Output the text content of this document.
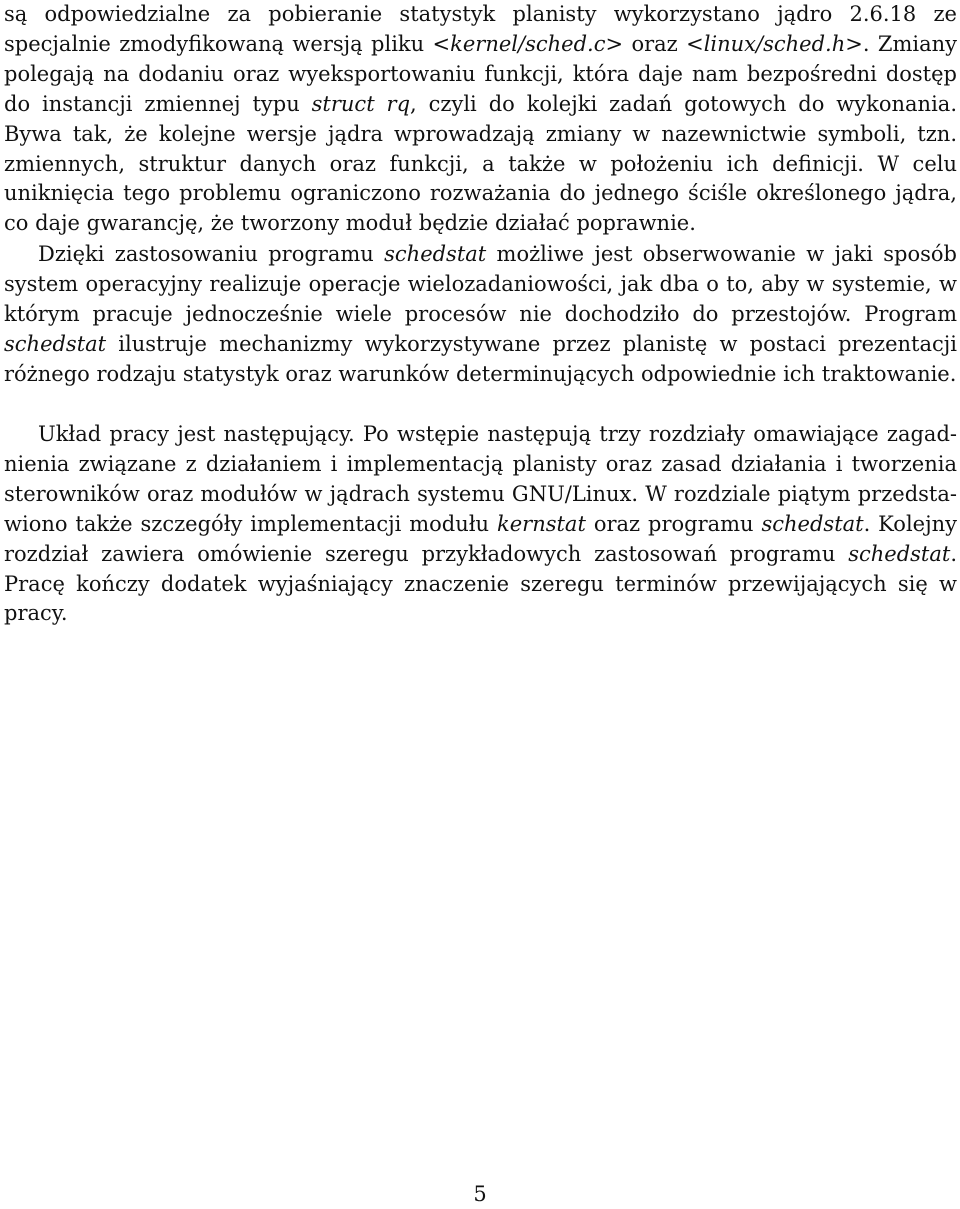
są odpowiedzialne za pobieranie statystyk planisty wykorzystano jądro 2.6.18 ze specjalnie zmodyfikowaną wersją pliku <kernel/sched.c> oraz <linux/sched.h>. Zmiany polegają na dodaniu oraz wyeksportowaniu funkcji, która daje nam bezpośredni dostęp do instancji zmiennej typu struct rq, czyli do kolejki zadań gotowych do wykonania. Bywa tak, że kolejne wersje jądra wprowadzają zmiany w nazewnictwie symboli, tzn. zmiennych, struktur danych oraz funkcji, a także w położeniu ich definicji. W celu uniknięcia tego problemu ograniczono rozważania do jednego ściśle określonego jądra, co daje gwarancję, że tworzony moduł będzie działać poprawnie.

Dzięki zastosowaniu programu schedstat możliwe jest obserwowanie w jaki sposób system operacyjny realizuje operacje wielozadaniowości, jak dba o to, aby w systemie, w którym pracuje jednocześnie wiele procesów nie dochodziło do przestojów. Program schedstat ilustruje mechanizmy wykorzystywane przez planistę w postaci prezentacji różnego rodzaju statystyk oraz warunków determinujących odpowiednie ich traktowanie.

Układ pracy jest następujący. Po wstępie następują trzy rozdziały omawiające zagadnienia związane z działaniem i implementacją planisty oraz zasad działania i tworzenia sterowników oraz modułów w jądrach systemu GNU/Linux. W rozdziale piątym przedstawiono także szczegóły implementacji modułu kernstat oraz programu schedstat. Kolejny rozdział zawiera omówienie szeregu przykładowych zastosowań programu schedstat. Pracę kończy dodatek wyjaśniający znaczenie szeregu terminów przewijających się w pracy.

5
